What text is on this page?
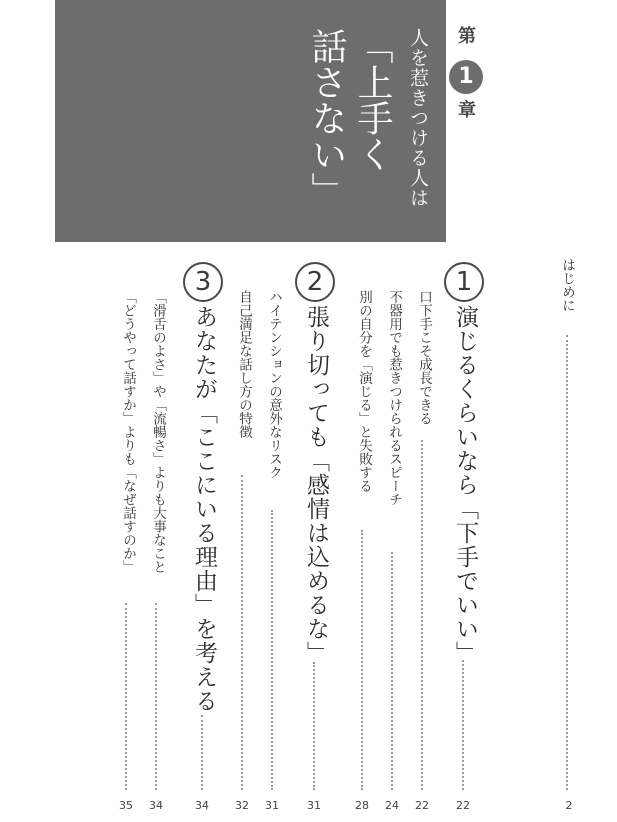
第
1
章
人を惹きつける人は
「上手く
話さない」
はじめに
2
1
演じるくらいなら「下手でいい」
22
口下手こそ成長できる
22
不器用でも惹きつけられるスピーチ
24
別の自分を「演じる」と失敗する
28
2
張り切っても「感情は込めるな」
31
ハイテンションの意外なリスク
31
自己満足な話し方の特徴
32
3
あなたが「ここにいる理由」を考える
34
「滑舌のよさ」や「流暢さ」よりも大事なこと
34
「どうやって話すか」よりも「なぜ話すのか」
35
